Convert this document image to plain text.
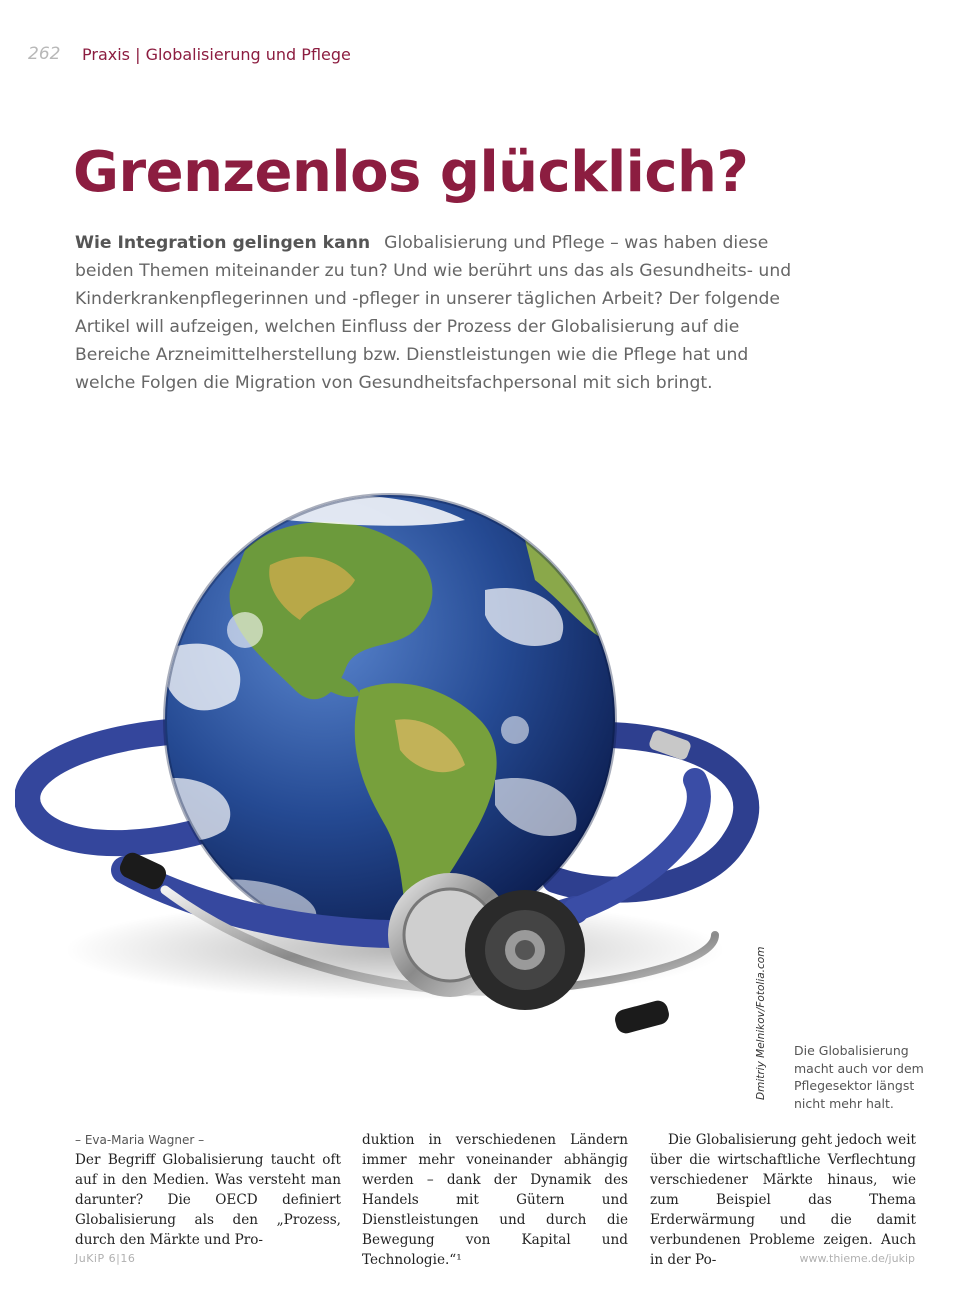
262 Praxis | Globalisierung und Pflege
Grenzenlos glücklich?

Wie Integration gelingen kann Globalisierung und Pflege – was haben diese beiden Themen miteinander zu tun? Und wie berührt uns das als Gesundheits- und Kinderkrankenpflegerinnen und -pfleger in unserer täglichen Arbeit? Der folgende Artikel will aufzeigen, welchen Einfluss der Prozess der Globalisierung auf die Bereiche Arzneimittelherstellung bzw. Dienstleistungen wie die Pflege hat und welche Folgen die Migration von Gesundheitsfachpersonal mit sich bringt.

Dmitriy Melnikov/Fotolia.com Die Globalisierung macht auch vor dem Pflegesektor längst nicht mehr halt.

– Eva-Maria Wagner –

Der Begriff Globalisierung taucht oft auf in den Medien. Was versteht man darunter? Die OECD definiert Globalisierung als den „Prozess, durch den Märkte und Pro-

duktion in verschiedenen Ländern immer mehr voneinander abhängig werden – dank der Dynamik des Handels mit Gütern und Dienstleistungen und durch die Bewegung von Kapital und Technologie.“¹

Die Globalisierung geht jedoch weit über die wirtschaftliche Verflechtung verschiedener Märkte hinaus, wie zum Beispiel das Thema Erderwärmung und die damit verbundenen Probleme zeigen. Auch in der Po-

JuKiP 6|16	www.thieme.de/jukip
